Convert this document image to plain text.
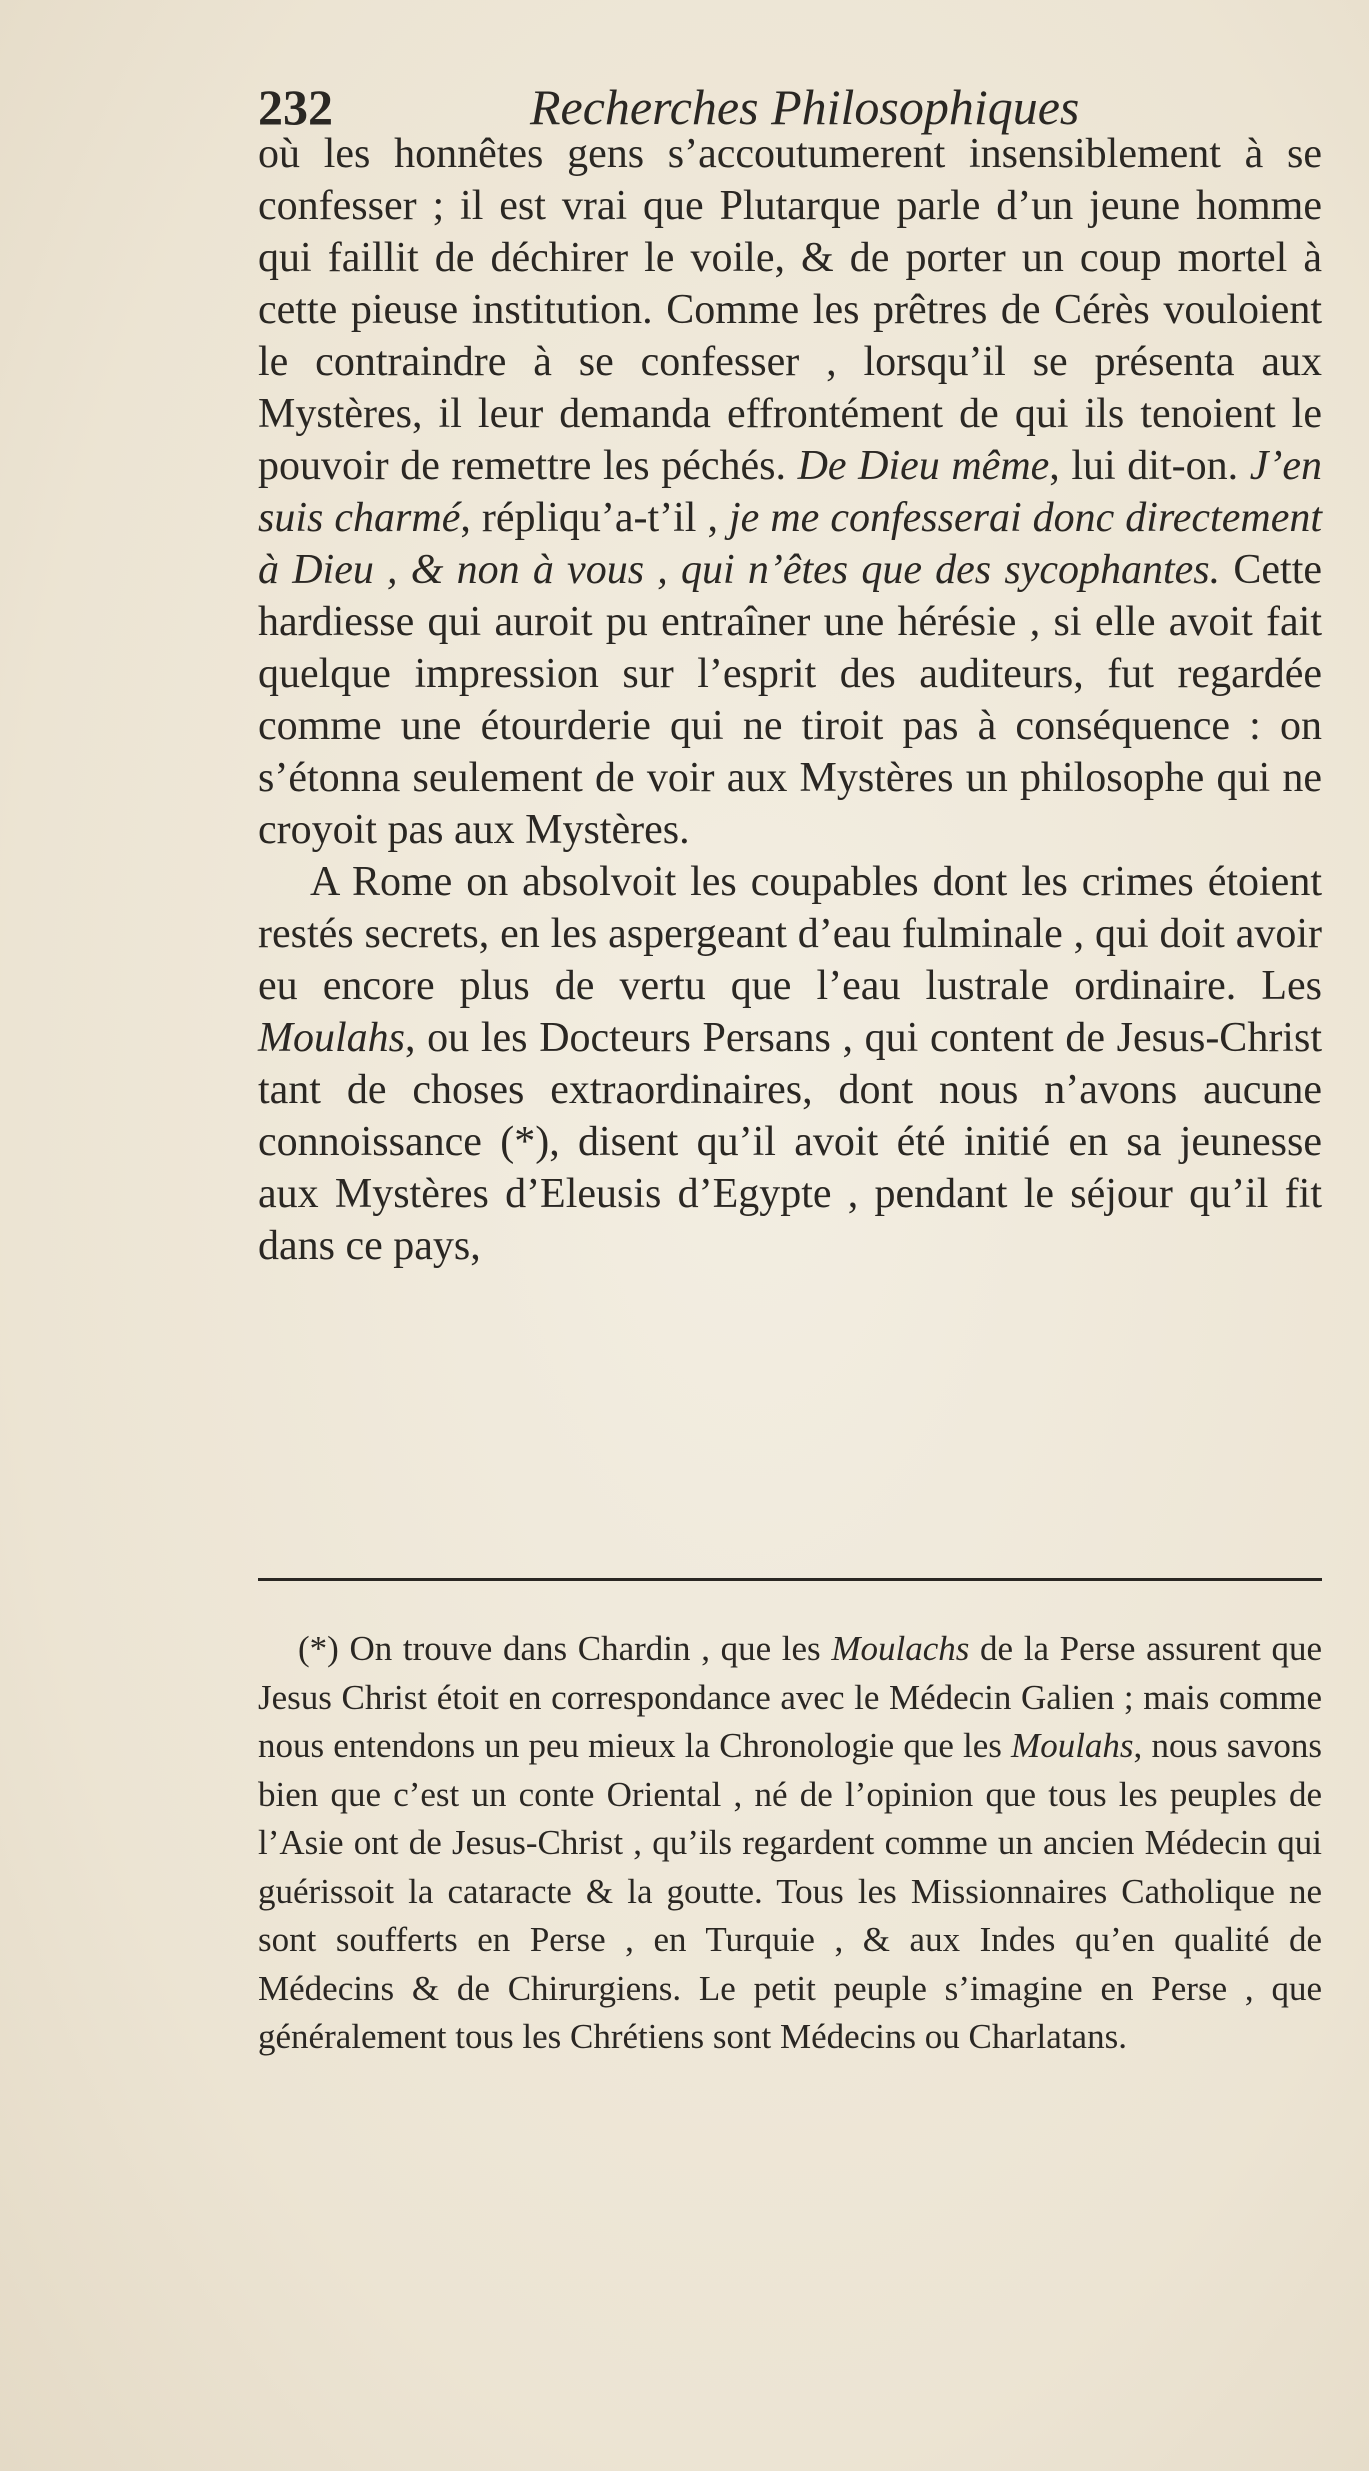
232	Recherches Philosophiques

où les honnêtes gens s’accoutumerent insensiblement à se confesser ; il est vrai que Plutarque parle d’un jeune homme qui faillit de déchirer le voile, & de porter un coup mortel à cette pieuse institution. Comme les prêtres de Cérès vouloient le contraindre à se confesser , lorsqu’il se présenta aux Mystères, il leur demanda effrontément de qui ils tenoient le pouvoir de remettre les péchés. De Dieu même, lui dit-on. J’en suis charmé, répliqu’a-t’il , je me confesserai donc directement à Dieu , & non à vous , qui n’êtes que des sycophantes. Cette hardiesse qui auroit pu entraîner une hérésie , si elle avoit fait quelque impression sur l’esprit des auditeurs, fut regardée comme une étourderie qui ne tiroit pas à conséquence : on s’étonna seulement de voir aux Mystères un philosophe qui ne croyoit pas aux Mystères.

A Rome on absolvoit les coupables dont les crimes étoient restés secrets, en les aspergeant d’eau fulminale , qui doit avoir eu encore plus de vertu que l’eau lustrale ordinaire. Les Moulahs, ou les Docteurs Persans , qui content de Jesus-Christ tant de choses extraordinaires, dont nous n’avons aucune connoissance (*), disent qu’il avoit été initié en sa jeunesse aux Mystères d’Eleusis d’Egypte , pendant le séjour qu’il fit dans ce pays,

(*) On trouve dans Chardin , que les Moulachs de la Perse assurent que Jesus Christ étoit en correspondance avec le Médecin Galien ; mais comme nous entendons un peu mieux la Chronologie que les Moulahs, nous savons bien que c’est un conte Oriental , né de l’opinion que tous les peuples de l’Asie ont de Jesus-Christ , qu’ils regardent comme un ancien Médecin qui guérissoit la cataracte & la goutte. Tous les Missionnaires Catholique ne sont soufferts en Perse , en Turquie , & aux Indes qu’en qualité de Médecins & de Chirurgiens. Le petit peuple s’imagine en Perse , que généralement tous les Chrétiens sont Médecins ou Charlatans.
